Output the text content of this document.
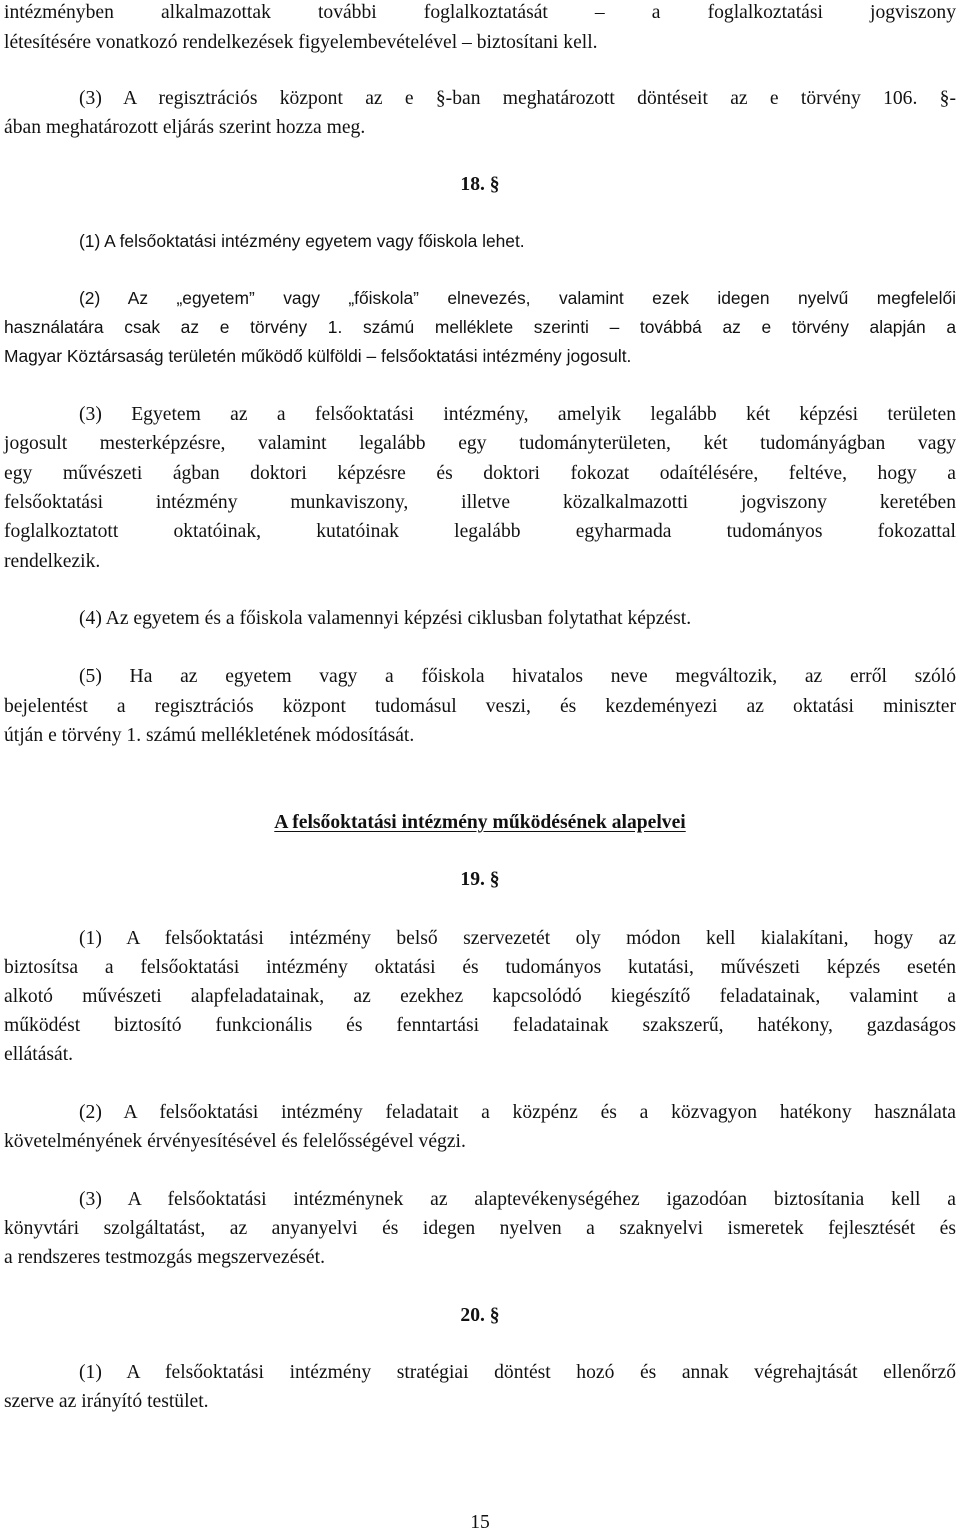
intézményben alkalmazottak további foglalkoztatását – a foglalkoztatási jogviszony
létesítésére vonatkozó rendelkezések figyelembevételével – biztosítani kell.
(3) A regisztrációs központ az e §-ban meghatározott döntéseit az e törvény 106. §-
ában meghatározott eljárás szerint hozza meg.
18. §
(1) A felsőoktatási intézmény egyetem vagy főiskola lehet.
(2) Az „egyetem” vagy „főiskola” elnevezés, valamint ezek idegen nyelvű megfelelői
használatára csak az e törvény 1. számú melléklete szerinti – továbbá az e törvény alapján a
Magyar Köztársaság területén működő külföldi – felsőoktatási intézmény jogosult.
(3) Egyetem az a felsőoktatási intézmény, amelyik legalább két képzési területen
jogosult mesterképzésre, valamint legalább egy tudományterületen, két tudományágban vagy
egy művészeti ágban doktori képzésre és doktori fokozat odaítélésére, feltéve, hogy a
felsőoktatási intézmény munkaviszony, illetve közalkalmazotti jogviszony keretében
foglalkoztatott oktatóinak, kutatóinak legalább egyharmada tudományos fokozattal
rendelkezik.
(4) Az egyetem és a főiskola valamennyi képzési ciklusban folytathat képzést.
(5) Ha az egyetem vagy a főiskola hivatalos neve megváltozik, az erről szóló
bejelentést a regisztrációs központ tudomásul veszi, és kezdeményezi az oktatási miniszter
útján e törvény 1. számú mellékletének módosítását.
A felsőoktatási intézmény működésének alapelvei
19. §
(1) A felsőoktatási intézmény belső szervezetét oly módon kell kialakítani, hogy az
biztosítsa a felsőoktatási intézmény oktatási és tudományos kutatási, művészeti képzés esetén
alkotó művészeti alapfeladatainak, az ezekhez kapcsolódó kiegészítő feladatainak, valamint a
működést biztosító funkcionális és fenntartási feladatainak szakszerű, hatékony, gazdaságos
ellátását.
(2) A felsőoktatási intézmény feladatait a közpénz és a közvagyon hatékony használata
követelményének érvényesítésével és felelősségével végzi.
(3) A felsőoktatási intézménynek az alaptevékenységéhez igazodóan biztosítania kell a
könyvtári szolgáltatást, az anyanyelvi és idegen nyelven a szaknyelvi ismeretek fejlesztését és
a rendszeres testmozgás megszervezését.
20. §
(1) A felsőoktatási intézmény stratégiai döntést hozó és annak végrehajtását ellenőrző
szerve az irányító testület.
15
